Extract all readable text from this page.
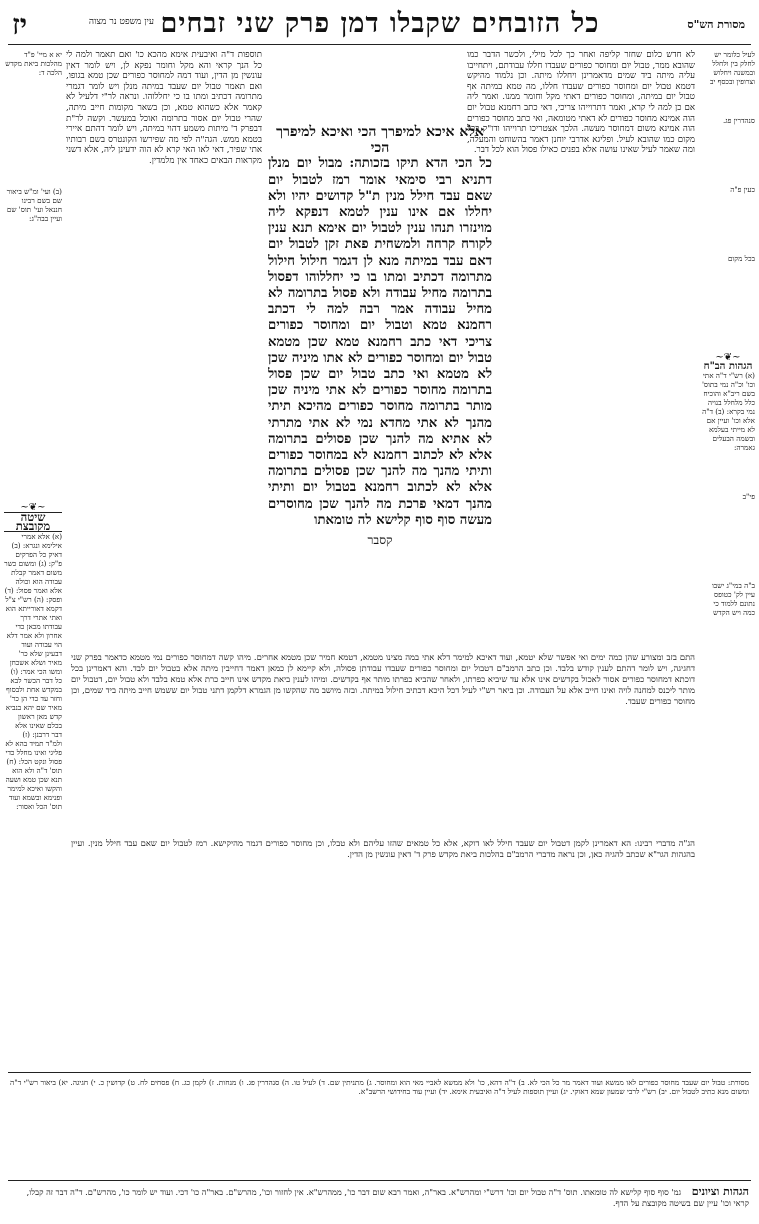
מסורת הש"ס
כל הזובחים שקבלו דמן פרק שני זבחים
עין משפט נר מצוה
יז
לעיל כלומר יש לחלק בין ולחלל ובמשנה ויחלוש וצרופין ובכסף יב
סנהדרין פג.
כעין פ"ה
בכל מקום
~❦~
הגהות הב"ח
(א) רש"י ד"ה אתי וכו' וכ"ה נמי בתוס' בשם ריב"א והוכיח כלל מלחלל בנויה נמי בקרא: (ב) ד"ה אלא וכו' ועיין אם לא מייתי בעלמא ובשמה הבעלים גאמרה:
פי"ב
ב"ה במי"ג ישבו עיין לק' כטופס נתונם ללמוד כי כמה ויש הקדש

לא חדש כלום שחזר קליפה ואחר כך לכל מילי, ולכשר הדבר כמו שהובא ממר, טבול יום ומחוסר כפורים שעבדו חללו עבודתם, ויתחייבו עליה מיתה ביד שמים מדאמרינן ויחללו מיתה. וכן נלמוד מהיקש דטמא טבול יום ומחוסר כפורים שעבדו חללו, מה טמא במיתה אף טבול יום במיתה, ומחוסר כפורים דאתי מקל וחומר ממנו. ואמר ליה אם כן למה לי קרא, ואמר דתרוייהו צריכי, דאי כתב רחמנא טבול יום הוה אמינא מחוסר כפורים לא דאתי מטומאה, ואי כתב מחוסר כפורים הוה אמינא משום דמחוסר מעשה. הלכך אצטריכו תרוייהו ודו"ק בכל מקום כמו שהובא לעיל. ופליגא אדרבי יוחנן דאמר בהשוחט והמעלה, ומה שאמר לעיל שאינו עושה אלא בפנים כאילו פסול הוא לכל דבר.

אלא איכא למיפרך הכי ואיכא למיפרך הכי

כל הכי הדא תיקו בזכותה: מבול יום מנלן דתניא רבי סימאי אומר רמז לטבול יום שאם עבד חילל מנין ת"ל קדושים יהיו ולא יחללו אם אינו ענין לטמא דנפקא ליה מוינזרו תנהו ענין לטבול יום אימא תנא ענין לקורח קרחה ולמשחית פאת זקן לטבול יום דאם עבד במיתה מנא לן דגמר חילול חילול מתרומה דכתיב ומתו בו כי יחללוהו דפסול בתרומה מחיל עבודה ולא פסול בתרומה לא מחיל עבודה אמר רבה למה לי דכתב רחמנא טמא וטבול יום ומחוסר כפורים צריכי דאי כתב רחמנא טמא שכן מטמא טבול יום ומחוסר כפורים לא אתו מיניה שכן לא מטמא ואי כתב טבול יום שכן פסול בתרומה מחוסר כפורים לא אתי מיניה שכן מותר בתרומה מחוסר כפורים מהיכא תיתי מהנך לא אתי מחדא נמי לא אתי מתרתי לא אתיא מה להנך שכן פסולים בתרומה אלא לא לכתוב רחמנא לא במחוסר כפורים ותיתי מהנך מה להנך שכן פסולים בתרומה אלא לא לכתוב רחמנא בטבול יום ותיתי מהנך דמאי פרכת מה להנך שכן מחוסרים מעשה סוף סוף קלישא לה טומאתו

קסבר

תוספות ד"ה ואיבעית אימא מהכא כו' ואם תאמר ולמה לי כל הנך קראי והא מקל וחומר נפקא לן, ויש לומר דאין עונשין מן הדין, ועוד דמה למחוסר כפורים שכן טמא בגופו, ואם תאמר טבול יום שעבד במיתה מנלן ויש לומר דגמרי מתרומה דכתיב ומתו בו כי יחללוהו. ונראה לר"י דלעיל לא קאמר אלא כשהוא טמא, וכן בשאר מקומות חייב מיתה, שהרי טבול יום אסור בתרומה ואוכל במעשר. וקשה לר"ת דבפרק ד' מיתות משמע דהוי במיתה, ויש לומר דהתם איירי בטמא ממש. הגה"ה לפי מה שפירשו הקונטרס בשם רבותיו אתי שפיר, דאי לאו האי קרא לא הוה ידעינן ליה, אלא דשני מקראות הבאים כאחד אין מלמדין.

יא א מיי' פ"ד מהלכות ביאת מקדש הלכה ד:
(ב) ועי' ומ"ש ביאור שם בשם רבינו חננאל ועי' תוס' שם ועיין בבה"ג:
~❦~
שיטה מקובצת
(א) אלא אמרי אילימא ונגרא: (ב) דאיק כל הפרקים פ"ק: (ג) ומשום כשר משום דאמר קבלת עבודה הוא וכולה אלא ואמר פסול: (ד) ופסק: (ה) רש"י צ"ל דקמא דאורייתא הוא ואתי אתרי דרך עבודתו מכאן כדי אחרון ולא אמר דלא הוי עבודה ועוד דבעינן שלא כר' מאיר ושלא אשכחן ומשו הכי אמר: (ו) כל דבר הכשר לבא במקדש אחת ולבסוף וחזר עד כדי הן כר' מאיר שם יהא בנביא קדש מאן ראשון בכלם שאינו אלא דבר דרבנן: (ז) ולמ"ד תמיד בהא לא פליגי ואינו מחלל כדי פסול ונקט הכל: (ח) תוס' ד"ה ולא הוא תנא שכן טמא ושעה והקשו ואיכא למימר ופנימא ובשמא ועוד תוס' הכל ואסור:
התם בזב ומצורע שהן כמה ימים ואי אפשר שלא יטמא, ועוד דאיכא למימר דלא אתי במה מצינו מטמא, דטמא חמיר שכן מטמא אחרים. מיהו קשה דמחוסר כפורים נמי מטמא כדאמר בפרק שני דחגיגה, ויש לומר דהתם לענין קודש בלבד. וכן כתב הרמב"ם דטבול יום ומחוסר כפורים שעבדו עבודתן פסולה, ולא קיימא לן כמאן דאמר דחייבין מיתה אלא בטבול יום לבד. והא דאמרינן בכל דוכתא דמחוסר כפורים אסור לאכול בקדשים אינו אלא עד שיביא כפרתו, ולאחר שהביא כפרתו מותר אף בקדשים. ומיהו לענין ביאת מקדש אינו חייב כרת אלא טמא בלבד ולא טבול יום, דטבול יום מותר ליכנס למחנה לויה ואינו חייב אלא על העבודה. וכן ביאר רש"י לעיל דכל היכא דכתיב חילול במיתה. ובזה מיושב מה שהקשו מן הגמרא דלקמן דתני טבול יום ששמש חייב מיתה ביד שמים, וכן מחוסר כפורים שעבד.
הג"ה מדברי רבינו: הא דאמרינן לקמן דטבול יום שעבד חילל לאו דוקא, אלא כל טמאים שהזו עליהם ולא טבלו, וכן מחוסר כפורים דגמר מהיקישא. רמז לטבול יום שאם עבד חילל מנין. ועיין בהגהות הגר"א שכתב להגיה כאן, וכן נראה מדברי הרמב"ם בהלכות ביאת מקדש פרק ד' דאין עונשין מן הדין.
מסורת: טבול יום שעבד מחוסר כפורים לאו ממשא ועוד דאמר מר כל הכי לא. ב) ד"ה דהא, כו' ולא ממשא לאביי מאי הוא ומחוסר. ג) מתניתין שם. ד) לעיל טו. ה) סנהדרין פג. ו) מנחות. ז) לקמן כג. ח) פסחים לח. ט) קדושין כ. י) חגיגה. יא) ביאור רש"י ד"ה ומשום מנא כתיב לטבול יום. יב) רש"י לרבי שמעון שמא דאוקי. יג) ועיין תוספות לעיל ד"ה ואיבעית אימא. יד) ועיין עוד בחידושי הרשב"א.
הגהות וציונים גמ' סוף סוף קלישא לה טומאתו. תוס' ד"ה טבול יום וכו' דרש"י ומהרש"א. באר"ה, ואמר רבא שום דבר כו', ממהרש"א. אין לחזור וכו', מהרש"ם. באר"ה כו' דכי. ועוד יש לומר כו', מהרש"ם. ד"ה דבר זה קבלו, קראי וכו' עיין שם בשיטה מקובצת על הדף.
